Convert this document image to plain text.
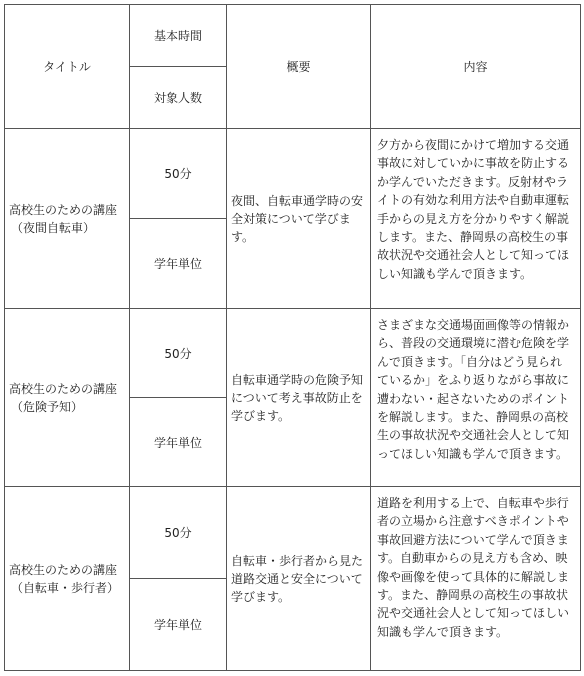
タイトル	基本時間	概要	内容
	対象人数		

高校生のための講座
（夜間自転車）	50分	夜間、自転車通学時の安全対策について学びます。	夕方から夜間にかけて増加する交通事故に対していかに事故を防止するか学んでいただきます。反射材やライトの有効な利用方法や自動車運転手からの見え方を分かりやすく解説します。また、静岡県の高校生の事故状況や交通社会人として知ってほしい知識も学んで頂きます。
	学年単位		

高校生のための講座
（危険予知）	50分	自転車通学時の危険予知について考え事故防止を学びます。	さまざまな交通場面画像等の情報から、普段の交通環境に潜む危険を学んで頂きます。「自分はどう見られているか」をふり返りながら事故に遭わない・起さないためのポイントを解説します。また、静岡県の高校生の事故状況や交通社会人として知ってほしい知識も学んで頂きます。
	学年単位		

高校生のための講座
（自転車・歩行者）	50分	自転車・歩行者から見た道路交通と安全について学びます。	道路を利用する上で、自転車や歩行者の立場から注意すべきポイントや事故回避方法について学んで頂きます。自動車からの見え方も含め、映像や画像を使って具体的に解説します。また、静岡県の高校生の事故状況や交通社会人として知ってほしい知識も学んで頂きます。
	学年単位		
